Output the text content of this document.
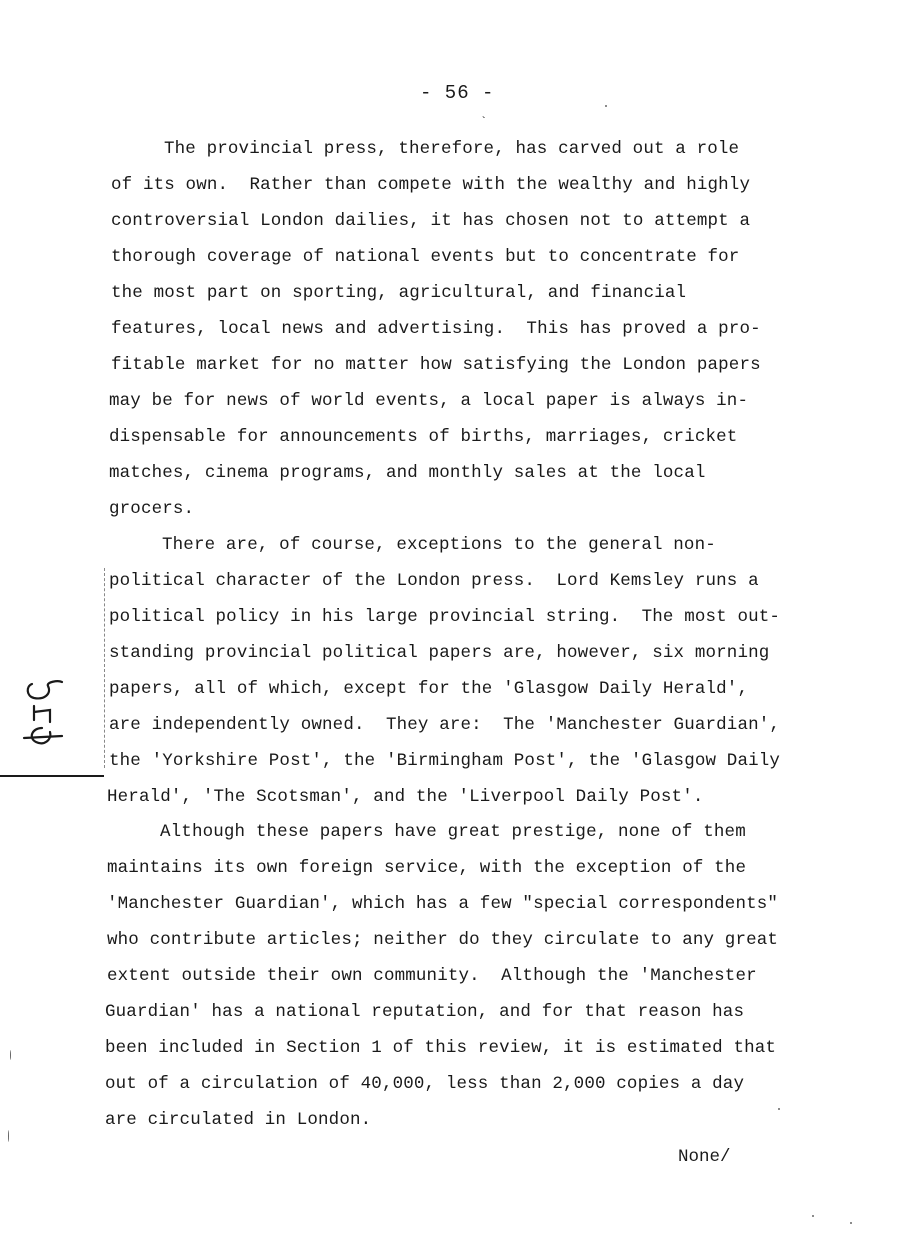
- 56 -
`
The provincial press, therefore, has carved out a role
of its own.  Rather than compete with the wealthy and highly
controversial London dailies, it has chosen not to attempt a
thorough coverage of national events but to concentrate for
the most part on sporting, agricultural, and financial
features, local news and advertising.  This has proved a pro-
fitable market for no matter how satisfying the London papers
may be for news of world events, a local paper is always in-
dispensable for announcements of births, marriages, cricket
matches, cinema programs, and monthly sales at the local
grocers.
There are, of course, exceptions to the general non-
political character of the London press.  Lord Kemsley runs a
political policy in his large provincial string.  The most out-
standing provincial political papers are, however, six morning
papers, all of which, except for the 'Glasgow Daily Herald',
are independently owned.  They are:  The 'Manchester Guardian',
the 'Yorkshire Post', the 'Birmingham Post', the 'Glasgow Daily
Herald', 'The Scotsman', and the 'Liverpool Daily Post'.
Although these papers have great prestige, none of them
maintains its own foreign service, with the exception of the
'Manchester Guardian', which has a few "special correspondents"
who contribute articles; neither do they circulate to any great
extent outside their own community.  Although the 'Manchester
Guardian' has a national reputation, and for that reason has
been included in Section 1 of this review, it is estimated that
out of a circulation of 40,000, less than 2,000 copies a day
are circulated in London.
None/
